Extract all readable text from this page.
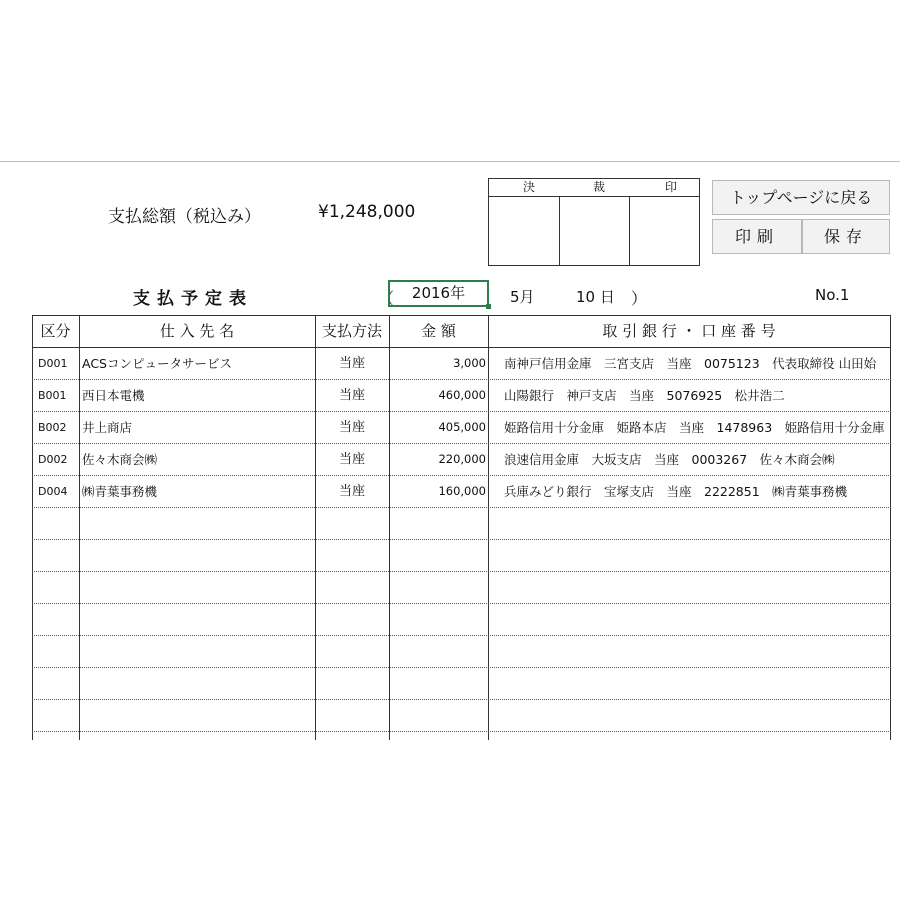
支払総額（税込み）	¥1,248,000
決	裁	印
トップページに戻る
印刷	保存
支払予定表	（	2016年	5月	10 日 ）	No.1
区分	仕 入 先 名	支払方法	金 額	取 引 銀 行 ・ 口 座 番 号
D001	ACSコンピュータサービス	当座	3,000 南神戸信用金庫　三宮支店　当座　0075123　代表取締役 山田始
B001	西日本電機	当座	460,000 山陽銀行　神戸支店　当座　5076925　松井浩二
B002	井上商店	当座	405,000 姫路信用十分金庫　姫路本店　当座　1478963　姫路信用十分金庫
D002	佐々木商会㈱	当座	220,000 浪速信用金庫　大坂支店　当座　0003267　佐々木商会㈱
D004	㈱青葉事務機	当座	160,000 兵庫みどり銀行　宝塚支店　当座　2222851　㈱青葉事務機
